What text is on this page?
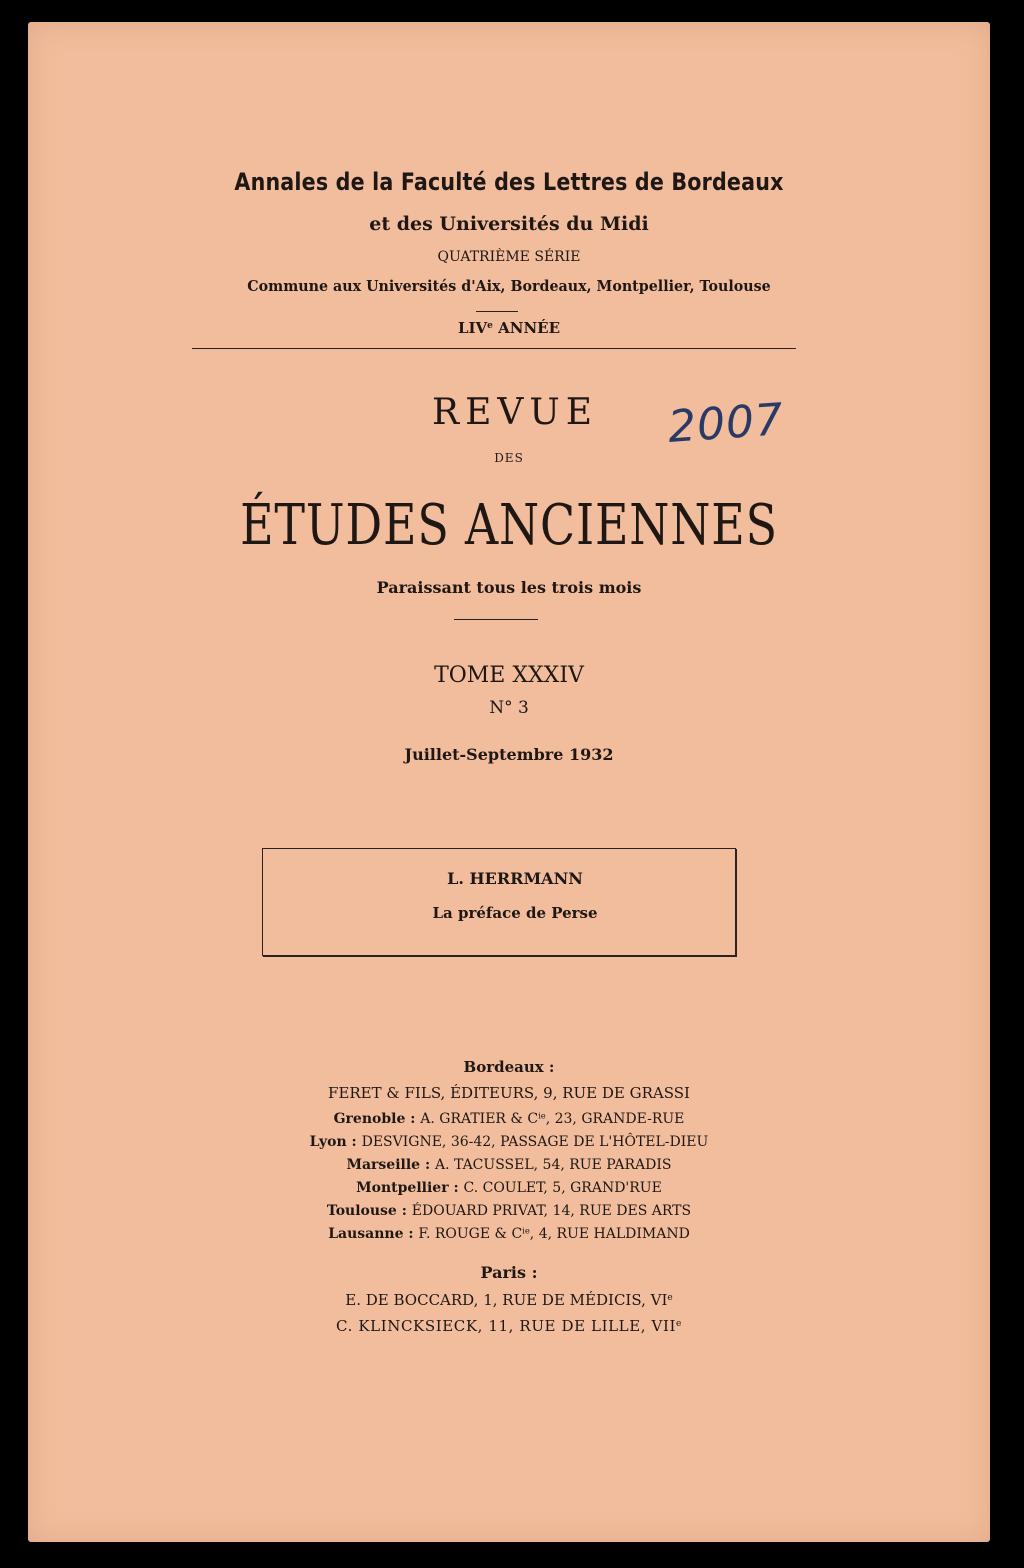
Annales de la Faculté des Lettres de Bordeaux
et des Universités du Midi
QUATRIÈME SÉRIE
Commune aux Universités d'Aix, Bordeaux, Montpellier, Toulouse
LIVe ANNÉE
REVUE
DES
ÉTUDES ANCIENNES
Paraissant tous les trois mois
TOME XXXIV
N° 3
Juillet-Septembre 1932
2007
L. HERRMANN
La préface de Perse
Bordeaux :
FERET & FILS, ÉDITEURS, 9, RUE DE GRASSI
Grenoble : A. GRATIER & $C^{ie}$, 23, GRANDE-RUE
Lyon : DESVIGNE, 36-42, PASSAGE DE L'HÔTEL-DIEU
Marseille : A. TACUSSEL, 54, RUE PARADIS
Montpellier : C. COULET, 5, GRAND'RUE
Toulouse : ÉDOUARD PRIVAT, 14, RUE DES ARTS
Lausanne : F. ROUGE & $C^{ie}$, 4, RUE HALDIMAND
Paris :
E. DE BOCCARD, 1, RUE DE MÉDICIS, VIe
C. KLINCKSIECK, 11, RUE DE LILLE, VIIe
